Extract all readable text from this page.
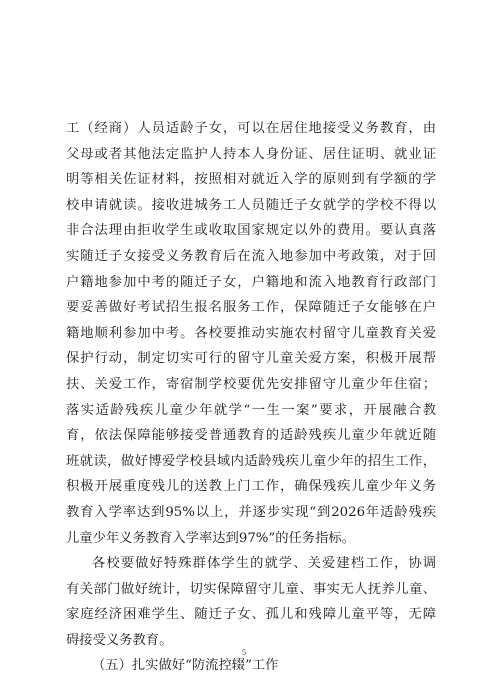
工（经商）人员适龄子女，可以在居住地接受义务教育，由
父母或者其他法定监护人持本人身份证、居住证明、就业证
明等相关佐证材料，按照相对就近入学的原则到有学额的学
校申请就读。接收进城务工人员随迁子女就学的学校不得以
非合法理由拒收学生或收取国家规定以外的费用。要认真落
实随迁子女接受义务教育后在流入地参加中考政策，对于回
户籍地参加中考的随迁子女，户籍地和流入地教育行政部门
要妥善做好考试招生报名服务工作，保障随迁子女能够在户
籍地顺利参加中考。各校要推动实施农村留守儿童教育关爱
保护行动，制定切实可行的留守儿童关爱方案，积极开展帮
扶、关爱工作，寄宿制学校要优先安排留守儿童少年住宿；
落实适龄残疾儿童少年就学“一生一案”要求，开展融合教
育，依法保障能够接受普通教育的适龄残疾儿童少年就近随
班就读，做好博爱学校县域内适龄残疾儿童少年的招生工作，
积极开展重度残儿的送教上门工作，确保残疾儿童少年义务
教育入学率达到95%以上，并逐步实现“到2026年适龄残疾
儿童少年义务教育入学率达到97%”的任务指标。
各校要做好特殊群体学生的就学、关爱建档工作，协调
有关部门做好统计，切实保障留守儿童、事实无人抚养儿童、
家庭经济困难学生、随迁子女、孤儿和残障儿童平等，无障
碍接受义务教育。
（五）扎实做好“防流控辍”工作
5
